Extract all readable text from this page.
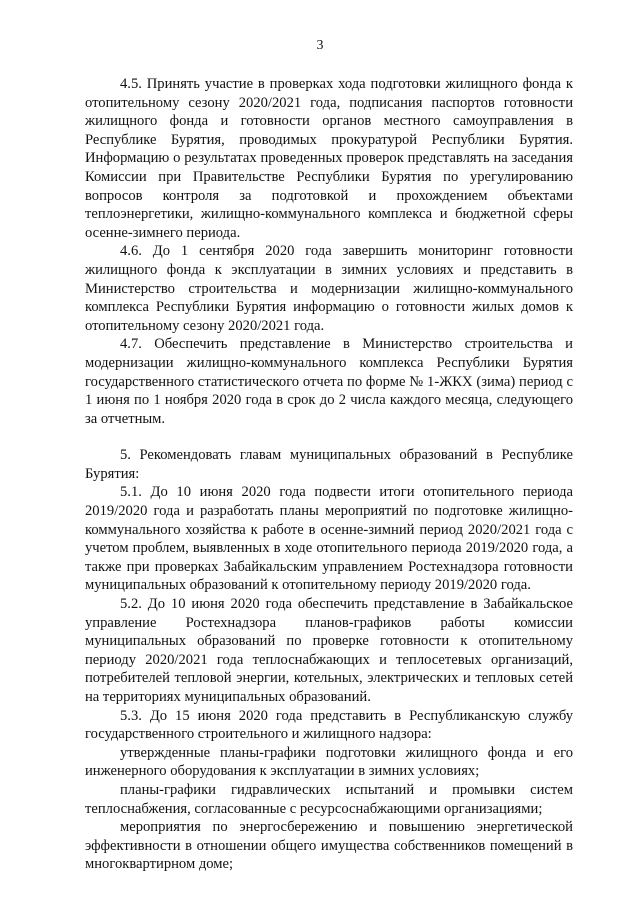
3

4.5. Принять участие в проверках хода подготовки жилищного фонда к отопительному сезону 2020/2021 года, подписания паспортов готовности жилищного фонда и готовности органов местного самоуправления в Республике Бурятия, проводимых прокуратурой Республики Бурятия. Информацию о результатах проведенных проверок представлять на заседания Комиссии при Правительстве Республики Бурятия по урегулированию вопросов контроля за подготовкой и прохождением объектами теплоэнергетики, жилищно-коммунального комплекса и бюджетной сферы осенне-зимнего периода.

4.6. До 1 сентября 2020 года завершить мониторинг готовности жилищного фонда к эксплуатации в зимних условиях и представить в Министерство строительства и модернизации жилищно-коммунального комплекса Республики Бурятия информацию о готовности жилых домов к отопительному сезону 2020/2021 года.

4.7. Обеспечить представление в Министерство строительства и модернизации жилищно-коммунального комплекса Республики Бурятия государственного статистического отчета по форме № 1-ЖКХ (зима) период с 1 июня по 1 ноября 2020 года в срок до 2 числа каждого месяца, следующего за отчетным.

5. Рекомендовать главам муниципальных образований в Республике Бурятия:

5.1. До 10 июня 2020 года подвести итоги отопительного периода 2019/2020 года и разработать планы мероприятий по подготовке жилищно-коммунального хозяйства к работе в осенне-зимний период 2020/2021 года с учетом проблем, выявленных в ходе отопительного периода 2019/2020 года, а также при проверках Забайкальским управлением Ростехнадзора готовности муниципальных образований к отопительному периоду 2019/2020 года.

5.2. До 10 июня 2020 года обеспечить представление в Забайкальское управление Ростехнадзора планов-графиков работы комиссии муниципальных образований по проверке готовности к отопительному периоду 2020/2021 года теплоснабжающих и теплосетевых организаций, потребителей тепловой энергии, котельных, электрических и тепловых сетей на территориях муниципальных образований.

5.3. До 15 июня 2020 года представить в Республиканскую службу государственного строительного и жилищного надзора:

утвержденные планы-графики подготовки жилищного фонда и его инженерного оборудования к эксплуатации в зимних условиях;

планы-графики гидравлических испытаний и промывки систем теплоснабжения, согласованные с ресурсоснабжающими организациями;

мероприятия по энергосбережению и повышению энергетической эффективности в отношении общего имущества собственников помещений в многоквартирном доме;
